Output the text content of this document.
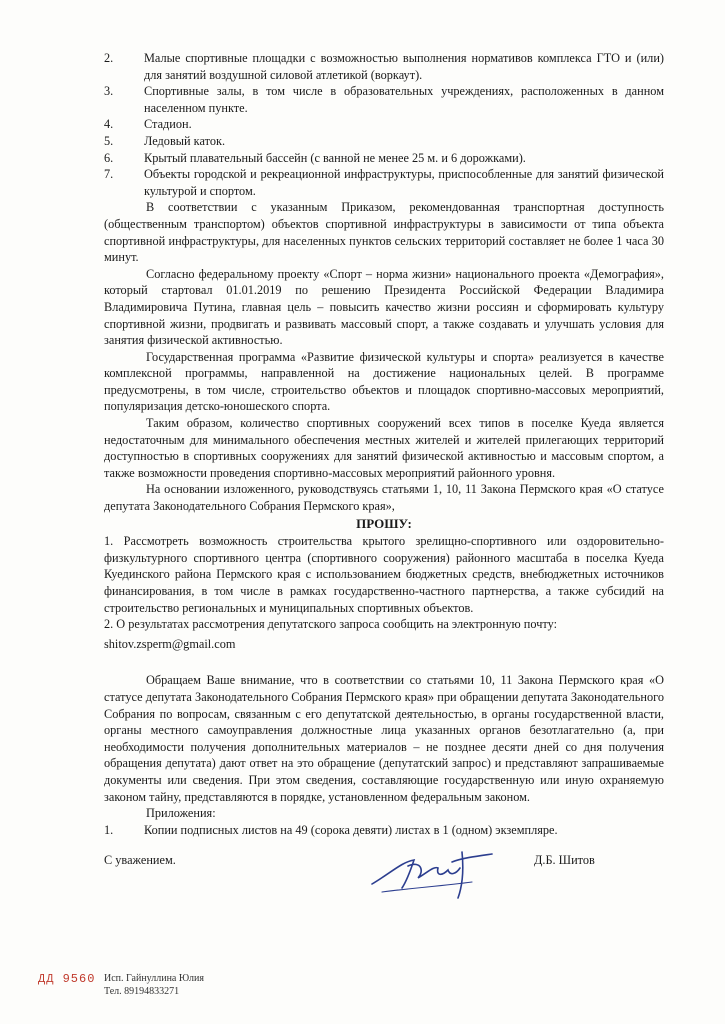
2.	Малые спортивные площадки с возможностью выполнения нормативов комплекса ГТО и (или) для занятий воздушной силовой атлетикой (воркаут).
3.	Спортивные залы, в том числе в образовательных учреждениях, расположенных в данном населенном пункте.
4.	Стадион.
5.	Ледовый каток.
6.	Крытый плавательный бассейн (с ванной не менее 25 м. и 6 дорожками).
7.	Объекты городской и рекреационной инфраструктуры, приспособленные для занятий физической культурой и спортом.

В соответствии с указанным Приказом, рекомендованная транспортная доступность (общественным транспортом) объектов спортивной инфраструктуры в зависимости от типа объекта спортивной инфраструктуры, для населенных пунктов сельских территорий составляет не более 1 часа 30 минут.

Согласно федеральному проекту «Спорт – норма жизни» национального проекта «Демография», который стартовал 01.01.2019 по решению Президента Российской Федерации Владимира Владимировича Путина, главная цель – повысить качество жизни россиян и сформировать культуру спортивной жизни, продвигать и развивать массовый спорт, а также создавать и улучшать условия для занятия физической активностью.

Государственная программа «Развитие физической культуры и спорта» реализуется в качестве комплексной программы, направленной на достижение национальных целей. В программе предусмотрены, в том числе, строительство объектов и площадок спортивно-массовых мероприятий, популяризация детско-юношеского спорта.

Таким образом, количество спортивных сооружений всех типов в поселке Куеда является недостаточным для минимального обеспечения местных жителей и жителей прилегающих территорий доступностью в спортивных сооружениях для занятий физической активностью и массовым спортом, а также возможности проведения спортивно-массовых мероприятий районного уровня.

На основании изложенного, руководствуясь статьями 1, 10, 11 Закона Пермского края «О статусе депутата Законодательного Собрания Пермского края»,

ПРОШУ:

1. Рассмотреть возможность строительства крытого зрелищно-спортивного или оздоровительно-физкультурного спортивного центра (спортивного сооружения) районного масштаба в поселка Куеда Куединского района Пермского края с использованием бюджетных средств, внебюджетных источников финансирования, в том числе в рамках государственно-частного партнерства, а также субсидий на строительство региональных и муниципальных спортивных объектов.

2. О результатах рассмотрения депутатского запроса сообщить на электронную почту:

shitov.zsperm@gmail.com

Обращаем Ваше внимание, что в соответствии со статьями 10, 11 Закона Пермского края «О статусе депутата Законодательного Собрания Пермского края» при обращении депутата Законодательного Собрания по вопросам, связанным с его депутатской деятельностью, в органы государственной власти, органы местного самоуправления должностные лица указанных органов безотлагательно (а, при необходимости получения дополнительных материалов – не позднее десяти дней со дня получения обращения депутата) дают ответ на это обращение (депутатский запрос) и представляют запрашиваемые документы или сведения. При этом сведения, составляющие государственную или иную охраняемую законом тайну, представляются в порядке, установленном федеральным законом.

Приложения:

1.	Копии подписных листов на 49 (сорока девяти) листах в 1 (одном) экземпляре.
С уважением.	Д.Б. Шитов
ДД 9560 Исп. Гайнуллина Юлия
Тел. 89194833271
